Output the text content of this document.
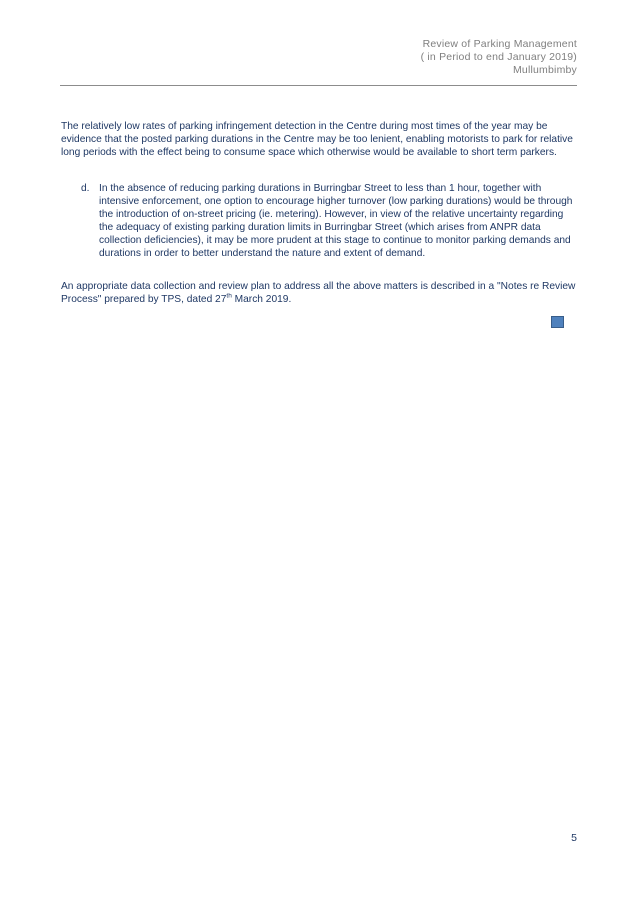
Review of Parking Management
( in Period to end January 2019)
Mullumbimby

The relatively low rates of parking infringement detection in the Centre during most times of the year may be evidence that the posted parking durations in the Centre may be too lenient, enabling motorists to park for relative long periods with the effect being to consume space which otherwise would be available to short term parkers.

d. In the absence of reducing parking durations in Burringbar Street to less than 1 hour, together with intensive enforcement, one option to encourage higher turnover (low parking durations) would be through the introduction of on-street pricing (ie. metering). However, in view of the relative uncertainty regarding the adequacy of existing parking duration limits in Burringbar Street (which arises from ANPR data collection deficiencies), it may be more prudent at this stage to continue to monitor parking demands and durations in order to better understand the nature and extent of demand.

An appropriate data collection and review plan to address all the above matters is described in a "Notes re Review Process" prepared by TPS, dated 27th March 2019.

5
